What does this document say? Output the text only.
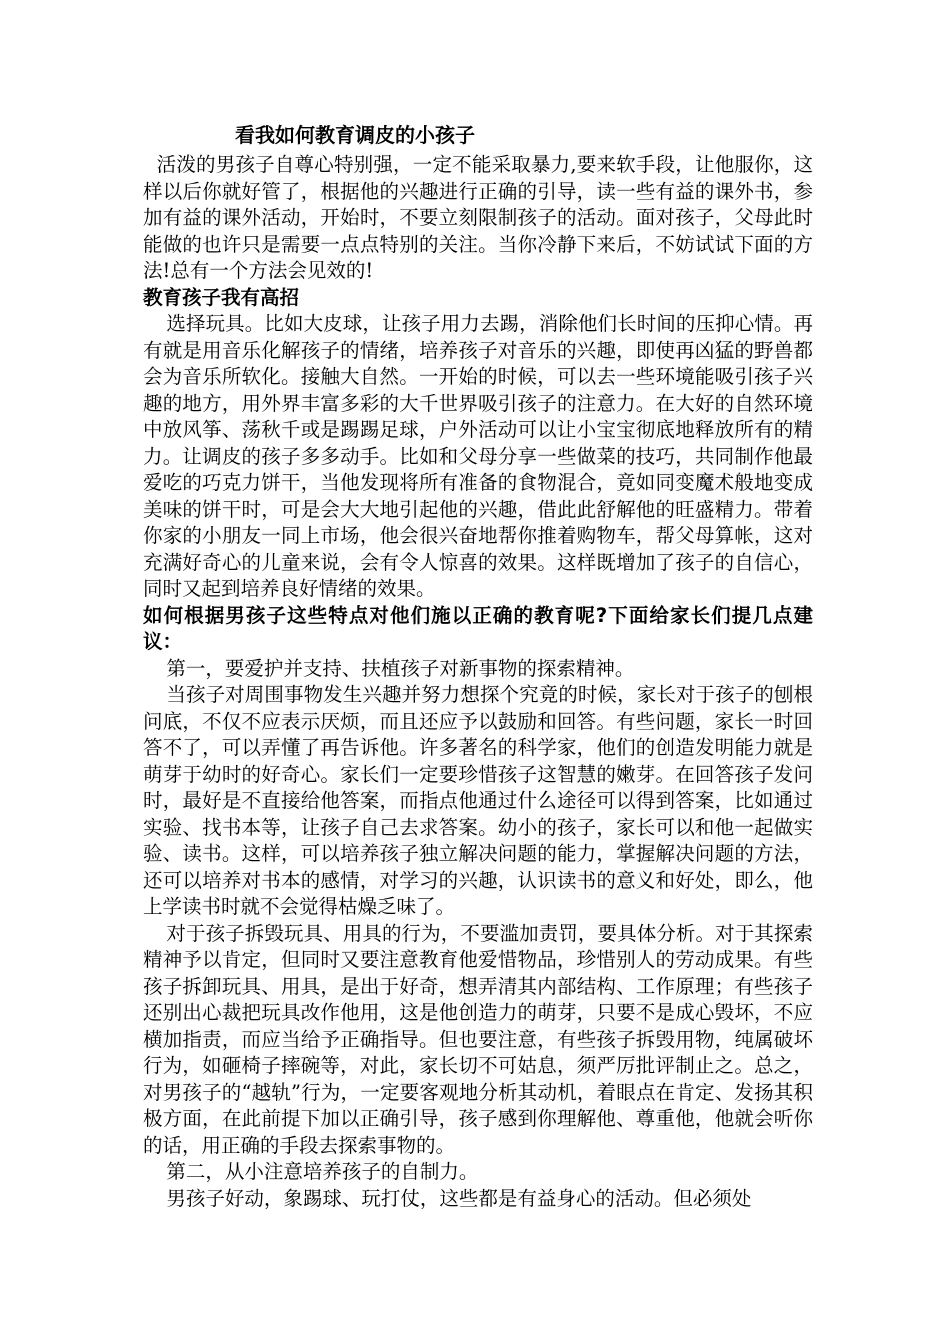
看我如何教育调皮的小孩子

活泼的男孩子自尊心特别强，一定不能采取暴力,要来软手段，让他服你，这样以后你就好管了，根据他的兴趣进行正确的引导，读一些有益的课外书，参加有益的课外活动，开始时，不要立刻限制孩子的活动。面对孩子，父母此时能做的也许只是需要一点点特别的关注。当你冷静下来后，不妨试试下面的方法!总有一个方法会见效的!

教育孩子我有高招

选择玩具。比如大皮球，让孩子用力去踢，消除他们长时间的压抑心情。再有就是用音乐化解孩子的情绪，培养孩子对音乐的兴趣，即使再凶猛的野兽都会为音乐所软化。接触大自然。一开始的时候，可以去一些环境能吸引孩子兴趣的地方，用外界丰富多彩的大千世界吸引孩子的注意力。在大好的自然环境中放风筝、荡秋千或是踢踢足球，户外活动可以让小宝宝彻底地释放所有的精力。让调皮的孩子多多动手。比如和父母分享一些做菜的技巧，共同制作他最爱吃的巧克力饼干，当他发现将所有准备的食物混合，竟如同变魔术般地变成美味的饼干时，可是会大大地引起他的兴趣，借此此舒解他的旺盛精力。带着你家的小朋友一同上市场，他会很兴奋地帮你推着购物车，帮父母算帐，这对充满好奇心的儿童来说，会有令人惊喜的效果。这样既增加了孩子的自信心，同时又起到培养良好情绪的效果。

如何根据男孩子这些特点对他们施以正确的教育呢?下面给家长们提几点建议：

第一，要爱护并支持、扶植孩子对新事物的探索精神。

当孩子对周围事物发生兴趣并努力想探个究竟的时候，家长对于孩子的刨根问底，不仅不应表示厌烦，而且还应予以鼓励和回答。有些问题，家长一时回答不了，可以弄懂了再告诉他。许多著名的科学家，他们的创造发明能力就是萌芽于幼时的好奇心。家长们一定要珍惜孩子这智慧的嫩芽。在回答孩子发问时，最好是不直接给他答案，而指点他通过什么途径可以得到答案，比如通过实验、找书本等，让孩子自己去求答案。幼小的孩子，家长可以和他一起做实验、读书。这样，可以培养孩子独立解决问题的能力，掌握解决问题的方法，还可以培养对书本的感情，对学习的兴趣，认识读书的意义和好处，即么，他上学读书时就不会觉得枯燥乏味了。

对于孩子拆毁玩具、用具的行为，不要滥加责罚，要具体分析。对于其探索精神予以肯定，但同时又要注意教育他爱惜物品，珍惜别人的劳动成果。有些孩子拆卸玩具、用具，是出于好奇，想弄清其内部结构、工作原理；有些孩子还别出心裁把玩具改作他用，这是他创造力的萌芽，只要不是成心毁坏，不应横加指责，而应当给予正确指导。但也要注意，有些孩子拆毁用物，纯属破坏行为，如砸椅子摔碗等，对此，家长切不可姑息，须严厉批评制止之。总之，对男孩子的“越轨”行为，一定要客观地分析其动机，着眼点在肯定、发扬其积极方面，在此前提下加以正确引导，孩子感到你理解他、尊重他，他就会听你的话，用正确的手段去探索事物的。

第二，从小注意培养孩子的自制力。

男孩子好动，象踢球、玩打仗，这些都是有益身心的活动。但必须处
